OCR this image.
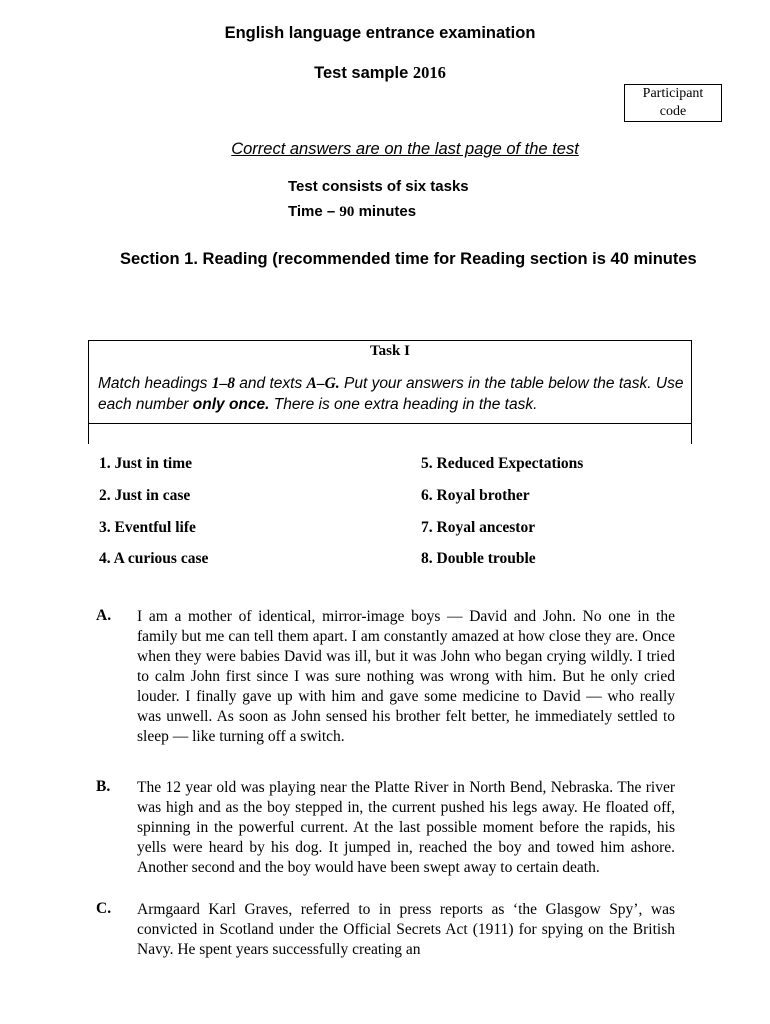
English language entrance examination
Test sample 2016
Participant
code
Correct answers are on the last page of the test
Test consists of six tasks
Time – 90 minutes
Section 1. Reading (recommended time for Reading section is 40 minutes
Task I
Match headings 1–8 and texts A–G. Put your answers in the table below the task. Use each number only once. There is one extra heading in the task.
1. Just in time
2. Just in case
3. Eventful life
4. A curious case
5. Reduced Expectations
6. Royal brother
7. Royal ancestor
8. Double trouble
A. I am a mother of identical, mirror-image boys — David and John. No one in the family but me can tell them apart. I am constantly amazed at how close they are. Once when they were babies David was ill, but it was John who began crying wildly. I tried to calm John first since I was sure nothing was wrong with him. But he only cried louder. I finally gave up with him and gave some medicine to David — who really was unwell. As soon as John sensed his brother felt better, he immediately settled to sleep — like turning off a switch.
B. The 12 year old was playing near the Platte River in North Bend, Nebraska. The river was high and as the boy stepped in, the current pushed his legs away. He floated off, spinning in the powerful current. At the last possible moment before the rapids, his yells were heard by his dog. It jumped in, reached the boy and towed him ashore. Another second and the boy would have been swept away to certain death.
C. Armgaard Karl Graves, referred to in press reports as ‘the Glasgow Spy’, was convicted in Scotland under the Official Secrets Act (1911) for spying on the British Navy. He spent years successfully creating an
